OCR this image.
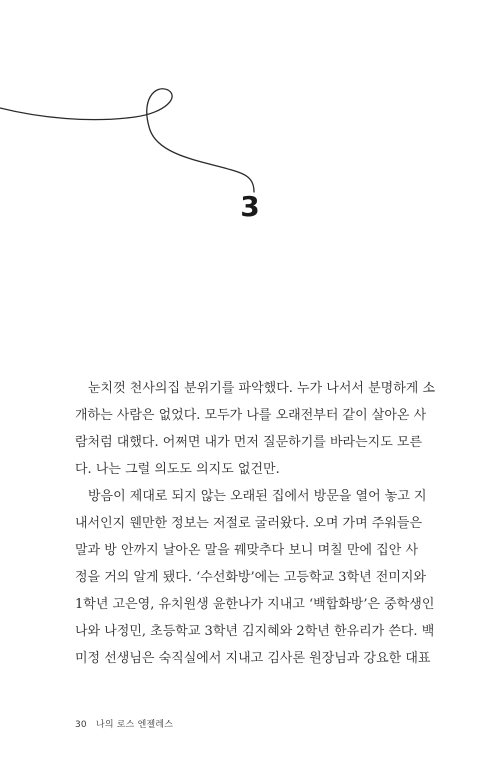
3

눈치껏 천사의집 분위기를 파악했다. 누가 나서서 분명하게 소
개하는 사람은 없었다. 모두가 나를 오래전부터 같이 살아온 사
람처럼 대했다. 어쩌면 내가 먼저 질문하기를 바라는지도 모른
다. 나는 그럴 의도도 의지도 없건만.

방음이 제대로 되지 않는 오래된 집에서 방문을 열어 놓고 지
내서인지 웬만한 정보는 저절로 굴러왔다. 오며 가며 주워들은
말과 방 안까지 날아온 말을 꿰맞추다 보니 며칠 만에 집안 사
정을 거의 알게 됐다. ‘수선화방’에는 고등학교 3학년 전미지와
1학년 고은영, 유치원생 윤한나가 지내고 ‘백합화방’은 중학생인
나와 나정민, 초등학교 3학년 김지혜와 2학년 한유리가 쓴다. 백
미정 선생님은 숙직실에서 지내고 김사론 원장님과 강요한 대표

30 나의 로스 엔젤레스
